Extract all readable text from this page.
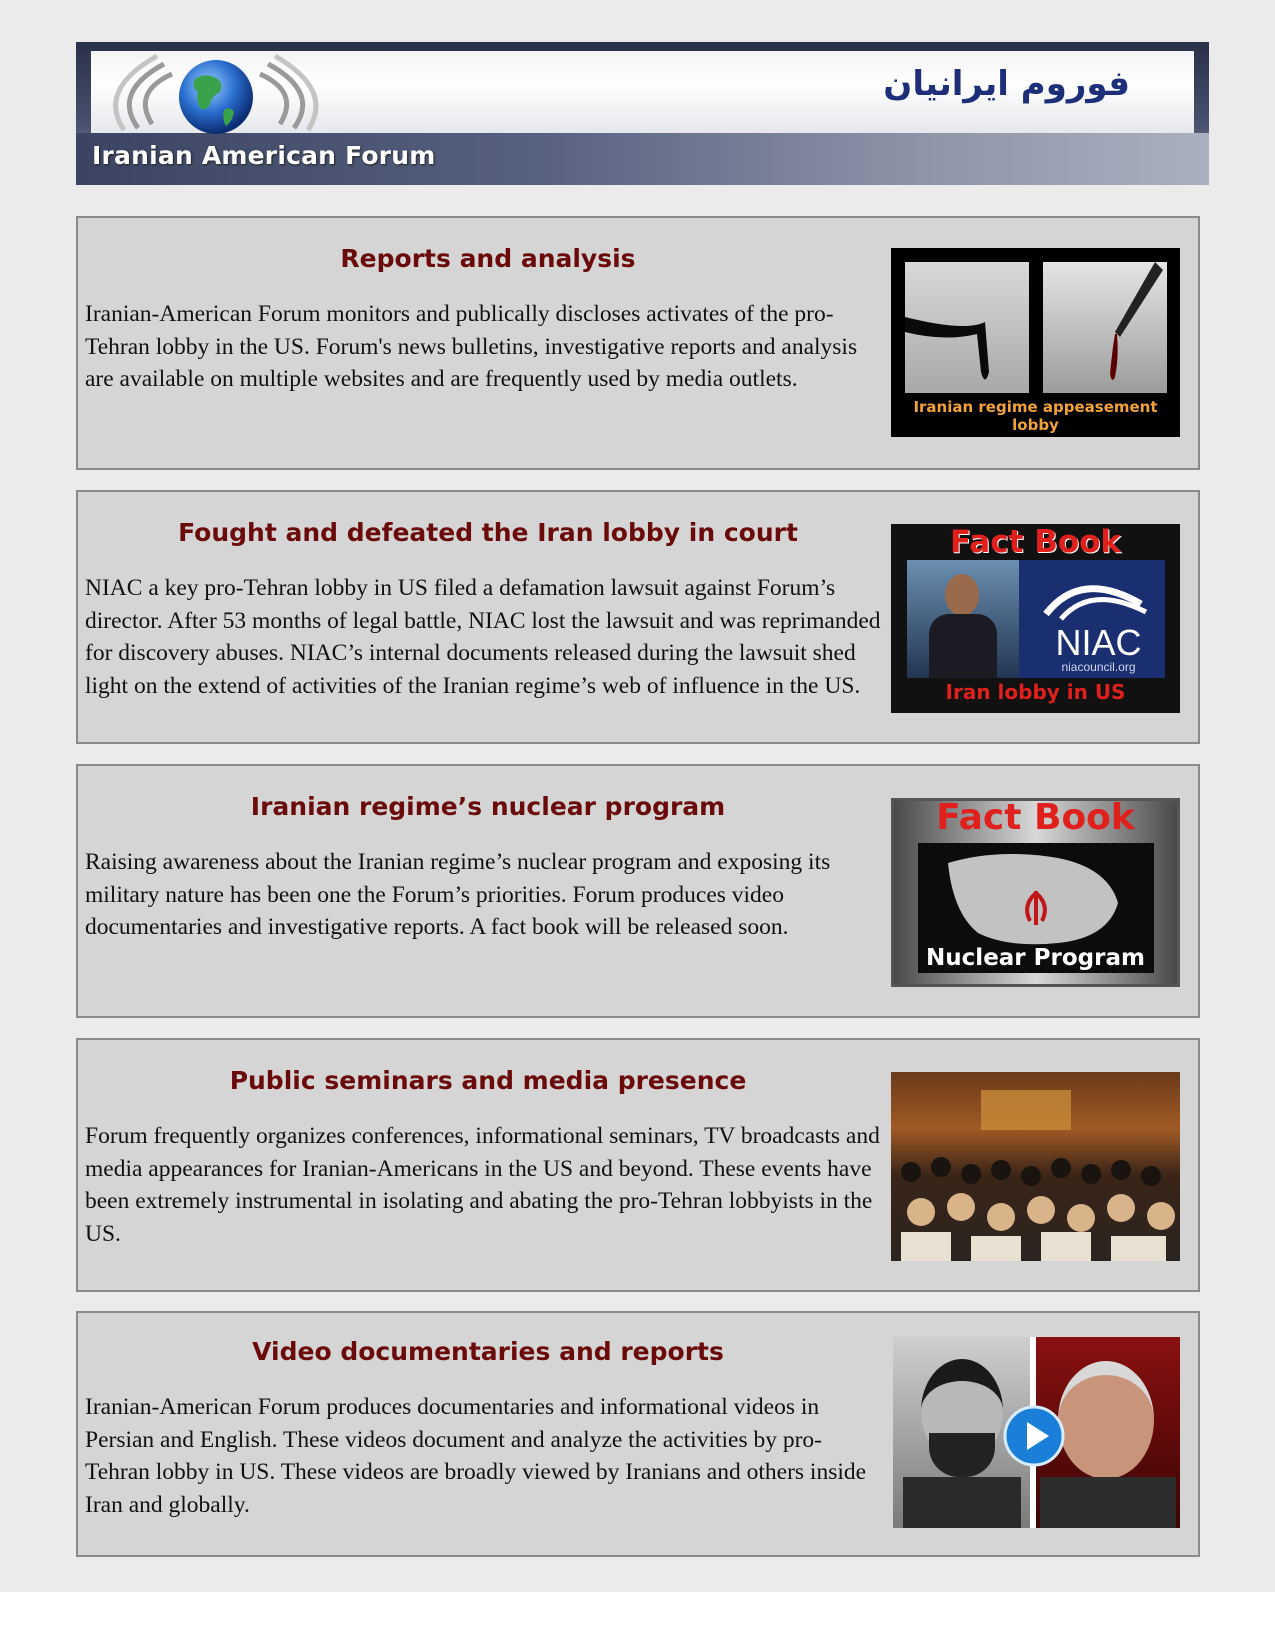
Iranian American Forum
فوروم ایرانیان
Reports and analysis
Iranian-American Forum monitors and publically discloses activates of the pro-Tehran lobby in the US. Forum's news bulletins, investigative reports and analysis are available on multiple websites and are frequently used by media outlets.
Iranian regime appeasement lobby
Fought and defeated the Iran lobby in court
NIAC a key pro-Tehran lobby in US filed a defamation lawsuit against Forum’s director. After 53 months of legal battle, NIAC lost the lawsuit and was reprimanded for discovery abuses. NIAC’s internal documents released during the lawsuit shed light on the extend of activities of the Iranian regime’s web of influence in the US.
Fact Book
NIAC
niacouncil.org
Iran lobby in US
Iranian regime’s nuclear program
Raising awareness about the Iranian regime’s nuclear program and exposing its military nature has been one the Forum’s priorities. Forum produces video documentaries and investigative reports. A fact book will be released soon.
Fact Book
Nuclear Program
Public seminars and media presence
Forum frequently organizes conferences, informational seminars, TV broadcasts and media appearances for Iranian-Americans in the US and beyond. These events have been extremely instrumental in isolating and abating the pro-Tehran lobbyists in the US.
Video documentaries and reports
Iranian-American Forum produces documentaries and informational videos in Persian and English. These videos document and analyze the activities by pro-Tehran lobby in US. These videos are broadly viewed by Iranians and others inside Iran and globally.
